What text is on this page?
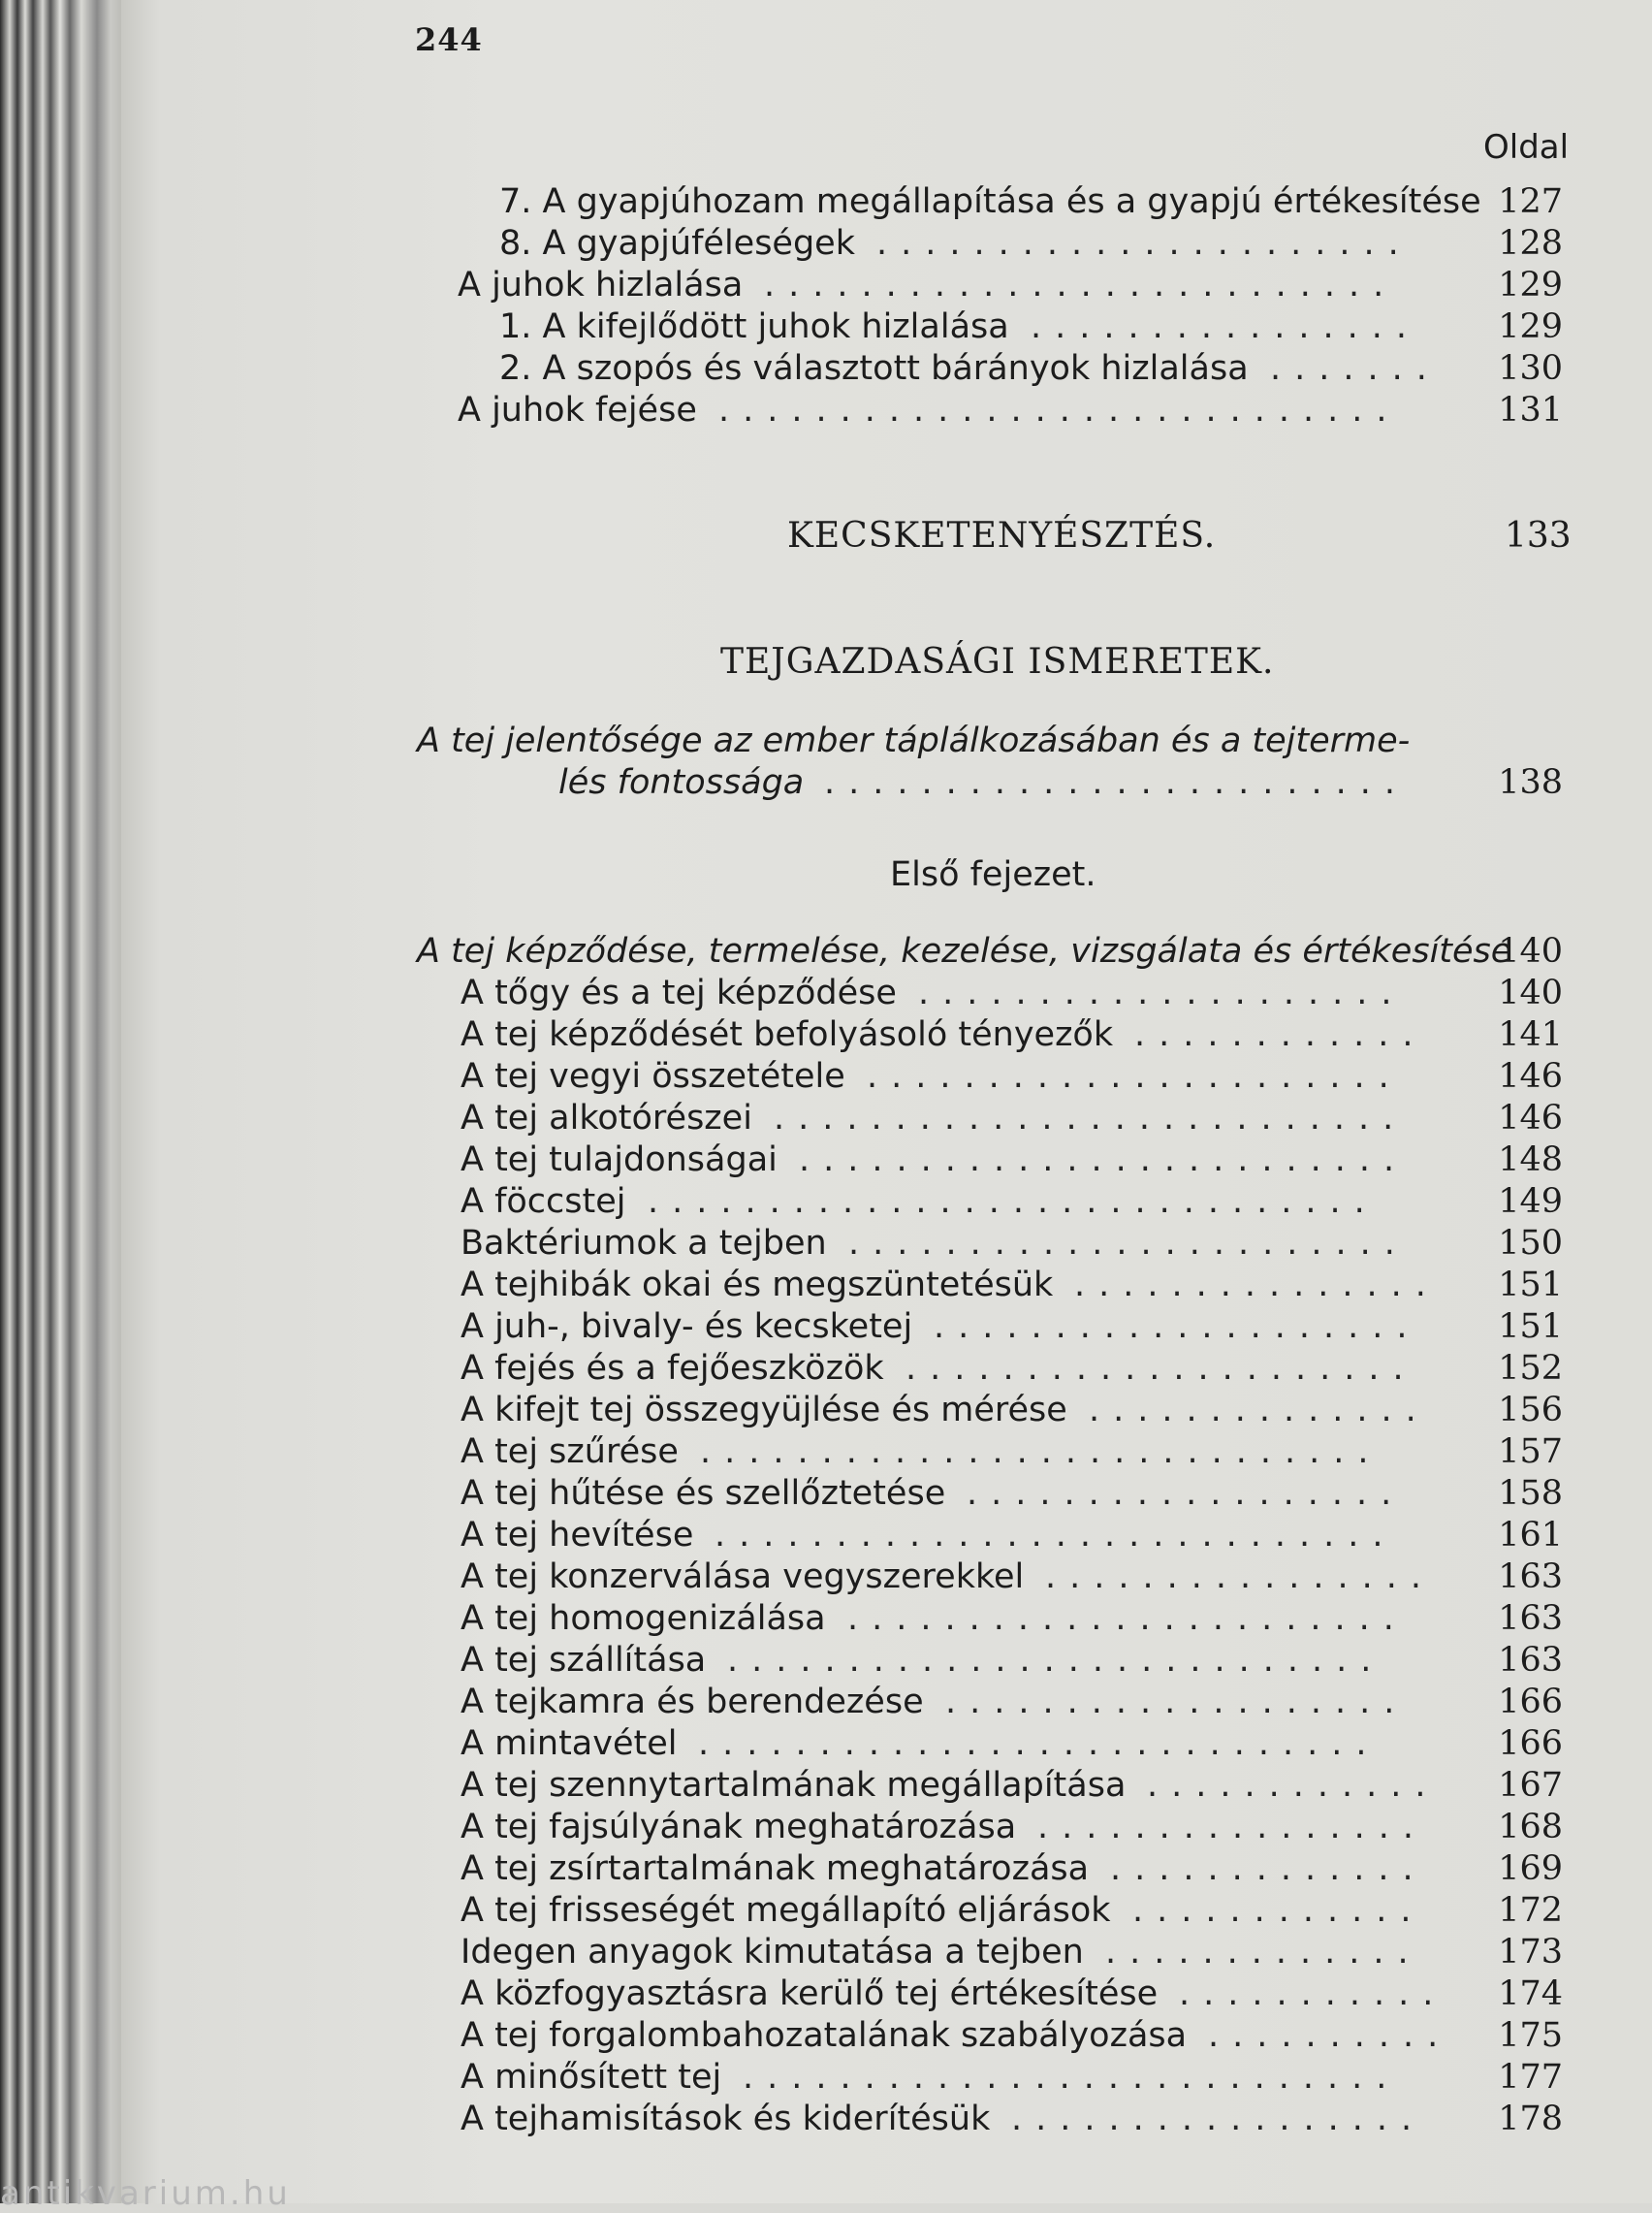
244
Oldal
7. A gyapjúhozam megállapítása és a gyapjú értékesítése 127
......................
8. A gyapjúféleségek	128
..........................
A juhok hizlalása	129
................
1. A kifejlődött juhok hizlalása	129
.......
2. A szopós és választott bárányok hizlalása	130
............................
A juhok fejése	131
KECSKETENYÉSZTÉS.	133
TEJGAZDASÁGI ISMERETEK.
A tej jelentősége az ember táplálkozásában és a tejterme-
lés fontossága ........................	138
Első fejezet.
A tej képződése, termelése, kezelése, vizsgálata és értékesítése
140
....................
A tőgy és a tej képződése	140
............
A tej képződését befolyásoló tényezők	141
......................
A tej vegyi összetétele	146
..........................
A tej alkotórészei	146
.........................
A tej tulajdonságai	148
..............................
A föccstej	149
.......................
Baktériumok a tejben	150
...............
A tejhibák okai és megszüntetésük	151
....................
A juh-, bivaly- és kecsketej	151
.....................
A fejés és a fejőeszközök	152
..............
A kifejt tej összegyüjlése és mérése	156
............................
A tej szűrése	157
..................
A tej hűtése és szellőztetése	158
............................
A tej hevítése	161
................
A tej konzerválása vegyszerekkel	163
.......................
A tej homogenizálása	163
...........................
A tej szállítása	163
...................
A tejkamra és berendezése	166
............................
A mintavétel	166
............
A tej szennytartalmának megállapítása	167
................
A tej fajsúlyának meghatározása	168
.............
A tej zsírtartalmának meghatározása	169
............
A tej frisseségét megállapító eljárások	172
.............
Idegen anyagok kimutatása a tejben	173
...........
A közfogyasztásra kerülő tej értékesítése	174
..........
A tej forgalombahozatalának szabályozása	175
...........................
A minősített tej	177
.................
A tejhamisítások és kiderítésük	178
antikvarium.hu
